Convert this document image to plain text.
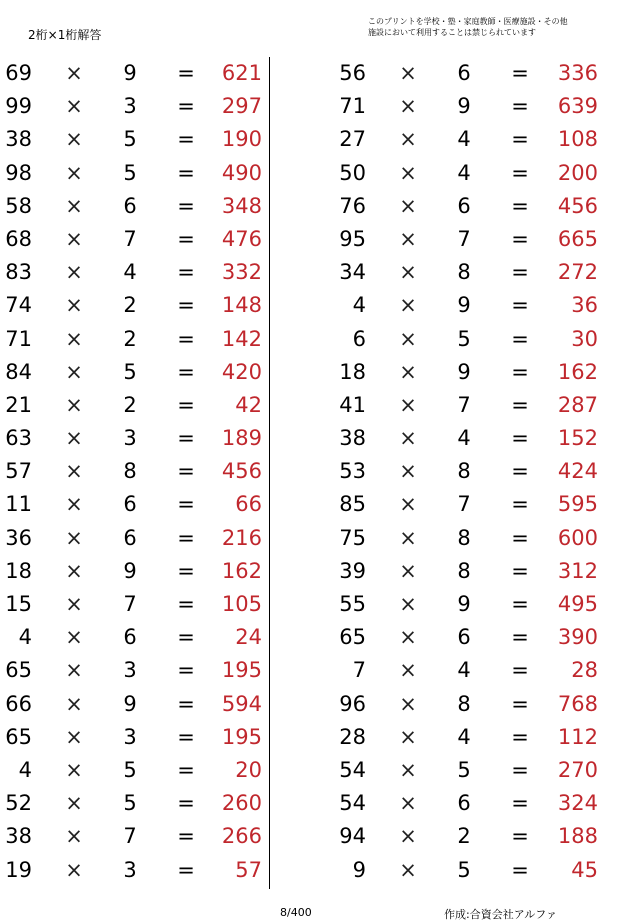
2桁×1桁解答
このプリントを学校・塾・家庭教師・医療施設・その他
施設において利用することは禁じられています
69 × 9 =	621
99 × 3 =	297
38 × 5 =	190
98 × 5 =	490
58 × 6 =	348
68 × 7 =	476
83 × 4 =	332
74 × 2 =	148
71 × 2 =	142
84 × 5 =	420
21 × 2 =	42
63 × 3 =	189
57 × 8 =	456
11 × 6 =	66
36 × 6 =	216
18 × 9 =	162
15 × 7 =	105
4 × 6 =	24
65 × 3 =	195
66 × 9 =	594
65 × 3 =	195
4 × 5 =	20
52 × 5 =	260
38 × 7 =	266
19 × 3 =	57
56 × 6 =	336
71 × 9 =	639
27 × 4 =	108
50 × 4 =	200
76 × 6 =	456
95 × 7 =	665
34 × 8 =	272
4 × 9 =	36
6 × 5 =	30
18 × 9 =	162
41 × 7 =	287
38 × 4 =	152
53 × 8 =	424
85 × 7 =	595
75 × 8 =	600
39 × 8 =	312
55 × 9 =	495
65 × 6 =	390
7 × 4 =	28
96 × 8 =	768
28 × 4 =	112
54 × 5 =	270
54 × 6 =	324
94 × 2 =	188
9 × 5 =	45
8/400	作成:合資会社アルファ
